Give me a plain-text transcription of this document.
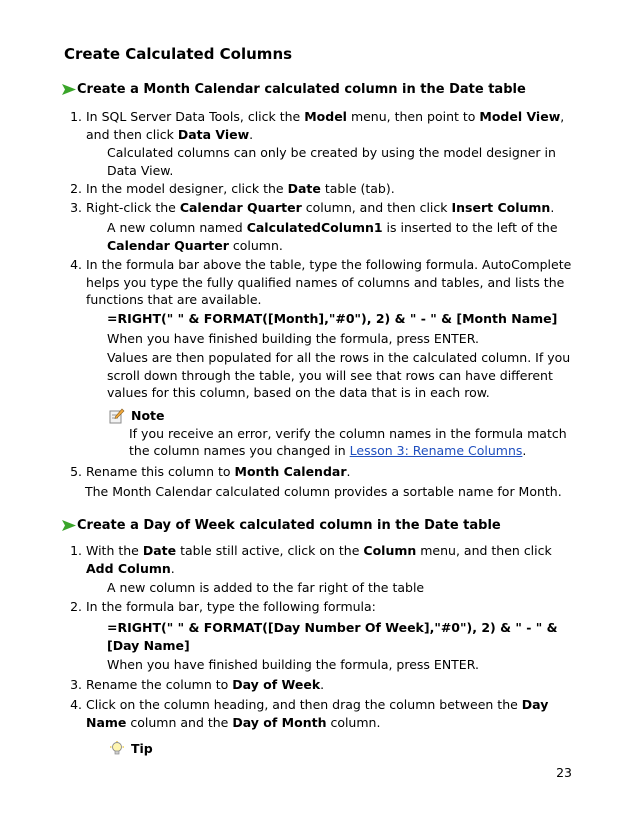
Create Calculated Columns
Create a Month Calendar calculated column in the Date table
1. In SQL Server Data Tools, click the Model menu, then point to Model View, and then click Data View.
Calculated columns can only be created by using the model designer in Data View.
2. In the model designer, click the Date table (tab).
3. Right-click the Calendar Quarter column, and then click Insert Column.
A new column named CalculatedColumn1 is inserted to the left of the Calendar Quarter column.
4. In the formula bar above the table, type the following formula. AutoComplete helps you type the fully qualified names of columns and tables, and lists the functions that are available.
=RIGHT(" " & FORMAT([Month],"#0"), 2) & " - " & [Month Name]
When you have finished building the formula, press ENTER.
Values are then populated for all the rows in the calculated column. If you scroll down through the table, you will see that rows can have different values for this column, based on the data that is in each row.
Note
If you receive an error, verify the column names in the formula match the column names you changed in Lesson 3: Rename Columns.
5. Rename this column to Month Calendar.
The Month Calendar calculated column provides a sortable name for Month.
Create a Day of Week calculated column in the Date table
1. With the Date table still active, click on the Column menu, and then click Add Column.
A new column is added to the far right of the table
2. In the formula bar, type the following formula:
=RIGHT(" " & FORMAT([Day Number Of Week],"#0"), 2) & " - " & [Day Name]
When you have finished building the formula, press ENTER.
3. Rename the column to Day of Week.
4. Click on the column heading, and then drag the column between the Day Name column and the Day of Month column.
Tip
23
